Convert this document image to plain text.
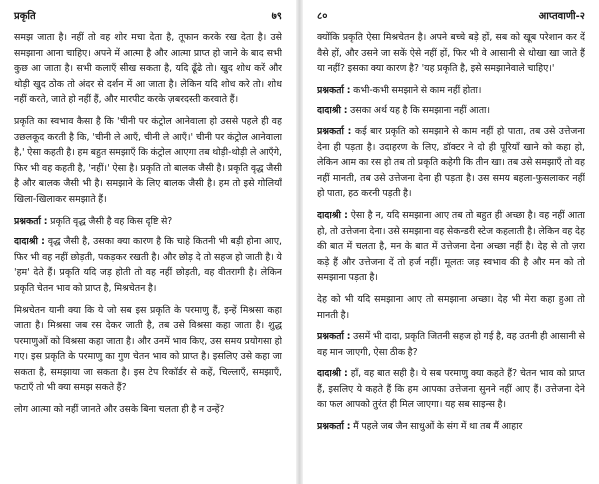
प्रकृति	७९

समझ जाता है। नहीं तो वह शोर मचा देता है, तूफान करके रख देता है। उसे समझाना आना चाहिए। अपने में आत्मा है और आत्मा प्राप्त हो जाने के बाद सभी कुछ आ जाता है। सभी कलाएँ सीख सकता है, यदि ढूँढे तो। खुद शोध करें और थोड़ी खुद ठोक तो अंदर से दर्शन में आ जाता है। लेकिन यदि शोध करे तो। शोध नहीं करते, जाते हो नहीं हैं, और मारपीट करके ज़बरदस्ती करवाते हैं।

प्रकृति का स्वभाव कैसा है कि 'चीनी पर कंट्रोल आनेवाला हो उससे पहले ही वह उछलकूद करती है कि, 'चीनी ले आएँ, चीनी ले आएँ।' चीनी पर कंट्रोल आनेवाला है,' ऐसा कहती है। हम बहुत समझाएँ कि कंट्रोल आएगा तब थोड़ी-थोड़ी ले आएँगे, फिर भी वह कहती है, 'नहीं।' ऐसा है। प्रकृति तो बालक जैसी है। प्रकृति वृद्ध जैसी है और बालक जैसी भी है। समझाने के लिए बालक जैसी है। हम तो इसे गोलियाँ खिला-खिलाकर समझाते हैं।

प्रश्नकर्ता : प्रकृति वृद्ध जैसी है वह किस दृष्टि से?

दादाश्री : वृद्ध जैसी है, उसका क्या कारण है कि चाहे कितनी भी बड़ी होना आए, फिर भी वह नहीं छोड़ती, पकड़कर रखती है। और छोड़ दे तो सहज हो जाती है। ये 'हम' देते हैं। प्रकृति यदि जड़ होती तो वह नहीं छोड़ती, वह वीतरागी है। लेकिन प्रकृति चेतन भाव को प्राप्त है, मिश्रचेतन है।

मिश्रचेतन यानी क्या कि ये जो सब इस प्रकृति के परमाणु हैं, इन्हें मिश्रसा कहा जाता है। मिश्रसा जब रस देकर जाती है, तब उसे विश्रसा कहा जाता है। शुद्ध परमाणुओं को विश्रसा कहा जाता है। और उनमें भाव किए, उस समय प्रयोगसा हो गए। इस प्रकृति के परमाणु का गुण चेतन भाव को प्राप्त है। इसलिए उसे कहा जा सकता है, समझाया जा सकता है। इस टेप रिकॉर्डर से कहें, चिल्लाएँ, समझाएँ, फटाएँ तो भी क्या समझ सकते हैं?

लोग आत्मा को नहीं जानते और उसके बिना चलता ही है न उन्हें?

८०	आप्तवाणी-२

क्योंकि प्रकृति ऐसा मिश्रचेतन है। अपने बच्चे बड़े हों, सब को खूब परेशान कर दें वैसे हों, और उसने जा सकें ऐसे नहीं हों, फिर भी वे आसानी से धोखा खा जाते हैं या नहीं? इसका क्या कारण है? 'यह प्रकृति है, इसे समझानेवाले चाहिए।'

प्रश्नकर्ता : कभी-कभी समझाने से काम नहीं होता।

दादाश्री : उसका अर्थ यह है कि समझाना नहीं आता।

प्रश्नकर्ता : कई बार प्रकृति को समझाने से काम नहीं हो पाता, तब उसे उत्तेजना देना ही पड़ता है। उदाहरण के लिए, डॉक्टर ने दो ही पूरियाँ खाने को कहा हो, लेकिन आम का रस हो तब तो प्रकृति कहेगी कि तीन खा। तब उसे समझाएँ तो वह नहीं मानती, तब उसे उत्तेजना देना ही पड़ता है। उस समय बहला-फुसलाकर नहीं हो पाता, हठ करनी पड़ती है।

दादाश्री : ऐसा है न, यदि समझाना आए तब तो बहुत ही अच्छा है। वह नहीं आता हो, तो उत्तेजना देना। उसे समझाना वह सेकन्डरी स्टेज कहलाती है। लेकिन वह देह की बात में चलता है, मन के बात में उत्तेजना देना अच्छा नहीं है। देह से तो ज़रा कड़े हैं और उत्तेजना दें तो हर्ज नहीं। मूलतः जड़ स्वभाव की है और मन को तो समझाना पड़ता है।

देह को भी यदि समझाना आए तो समझाना अच्छा। देह भी मेरा कहा हुआ तो मानती है।

प्रश्नकर्ता : उसमें भी दादा, प्रकृति जितनी सहज हो गई है, वह उतनी ही आसानी से वह मान जाएगी, ऐसा ठीक है?

दादाश्री : हाँ, वह बात सही है। ये सब परमाणु क्या कहते हैं? चेतन भाव को प्राप्त हैं, इसलिए ये कहते हैं कि हम आपका उत्तेजना सुनने नहीं आए हैं। उत्तेजना देने का फल आपको तुरंत ही मिल जाएगा। यह सब साइन्स है।

प्रश्नकर्ता : मैं पहले जब जैन साधुओं के संग में था तब मैं आहार
